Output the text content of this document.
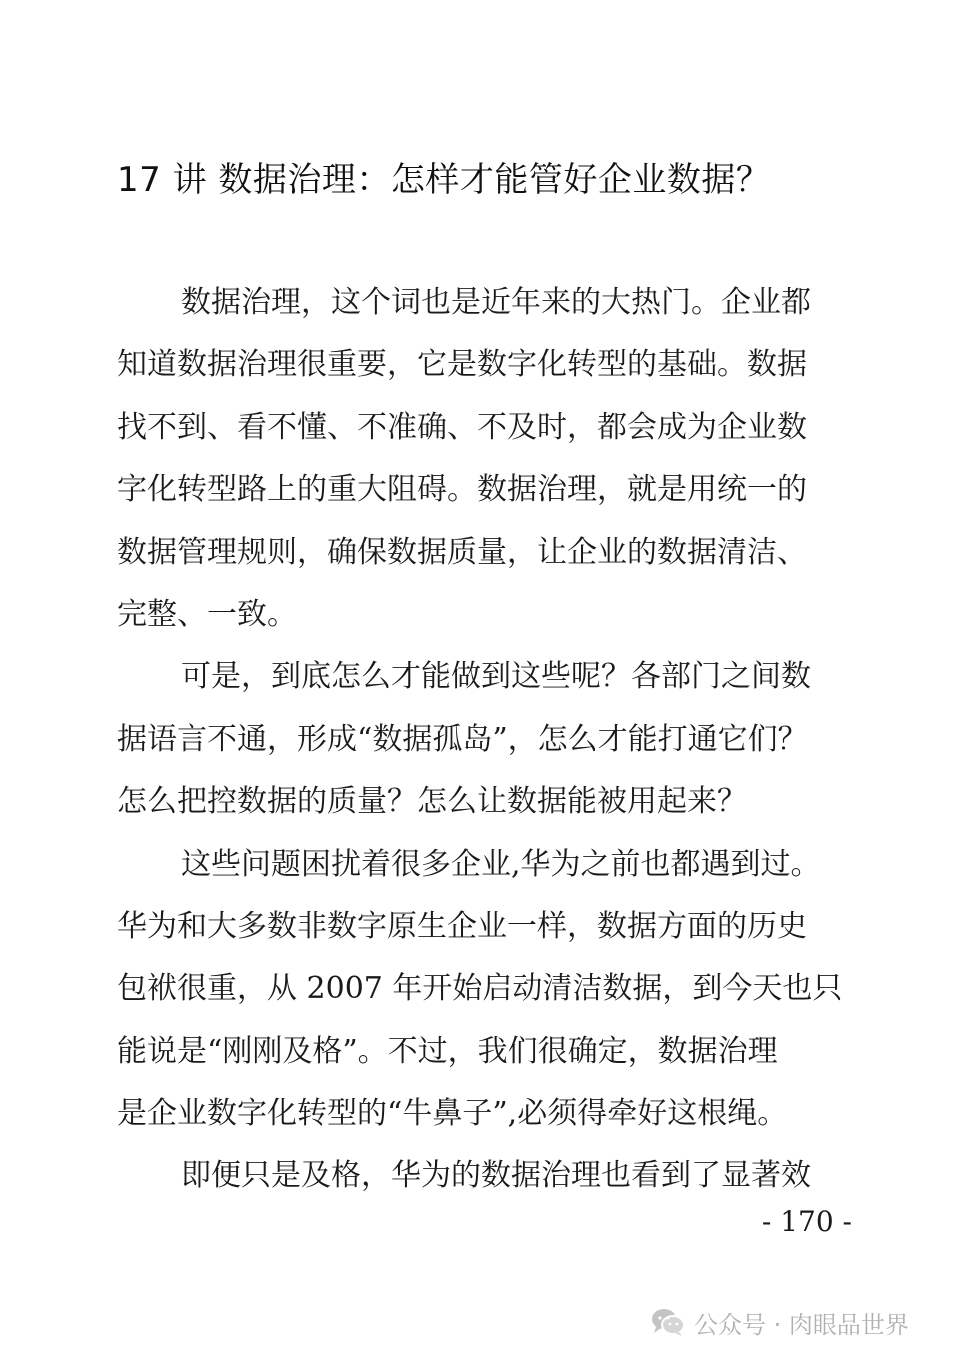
17 讲 数据治理：怎样才能管好企业数据？
数据治理，这个词也是近年来的大热门。企业都
知道数据治理很重要，它是数字化转型的基础。数据
找不到、看不懂、不准确、不及时，都会成为企业数
字化转型路上的重大阻碍。数据治理，就是用统一的
数据管理规则，确保数据质量，让企业的数据清洁、
完整、一致。
可是，到底怎么才能做到这些呢？各部门之间数
据语言不通，形成“数据孤岛”，怎么才能打通它们？
怎么把控数据的质量？怎么让数据能被用起来？
这些问题困扰着很多企业,华为之前也都遇到过。
华为和大多数非数字原生企业一样，数据方面的历史
包袱很重，从 2007 年开始启动清洁数据，到今天也只
能说是“刚刚及格”。不过，我们很确定，数据治理
是企业数字化转型的“牛鼻子”,必须得牵好这根绳。
即便只是及格，华为的数据治理也看到了显著效
- 170 -
公众号 · 肉眼品世界
